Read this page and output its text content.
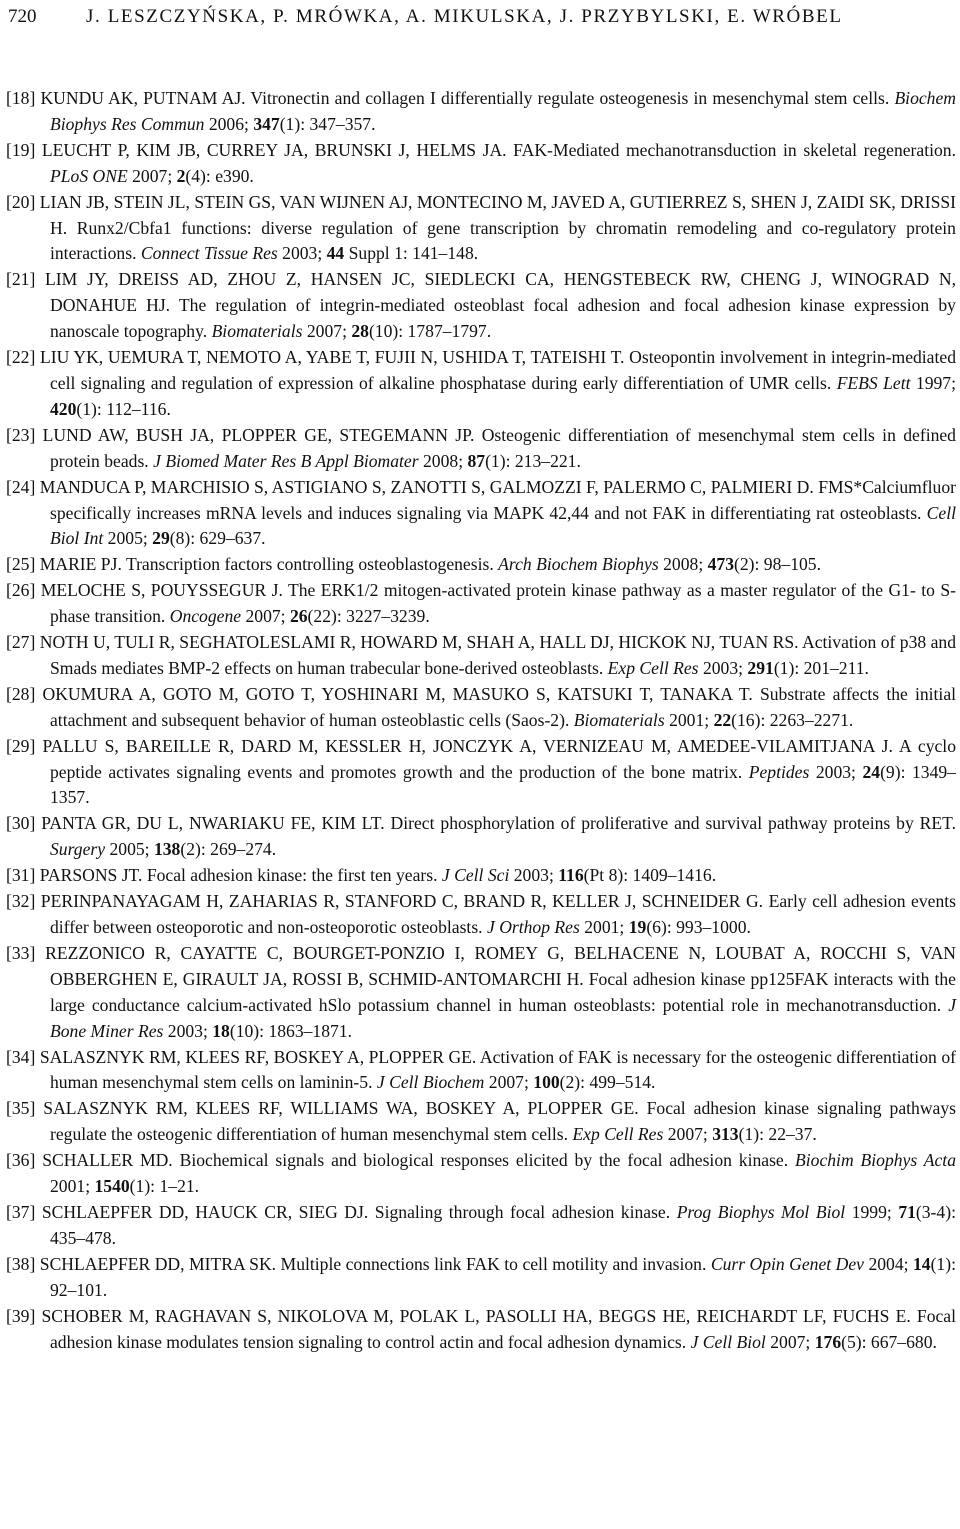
720	J. LESZCZYŃSKA, P. MRÓWKA, A. MIKULSKA, J. PRZYBYLSKI, E. WRÓBEL

[18] KUNDU AK, PUTNAM AJ. Vitronectin and collagen I differentially regulate osteogenesis in mesenchymal stem cells. Biochem Biophys Res Commun 2006; 347(1): 347–357.

[19] LEUCHT P, KIM JB, CURREY JA, BRUNSKI J, HELMS JA. FAK-Mediated mechanotransduction in skeletal regeneration. PLoS ONE 2007; 2(4): e390.

[20] LIAN JB, STEIN JL, STEIN GS, VAN WIJNEN AJ, MONTECINO M, JAVED A, GUTIERREZ S, SHEN J, ZAIDI SK, DRISSI H. Runx2/Cbfa1 functions: diverse regulation of gene transcription by chromatin remodeling and co-regulatory protein interactions. Connect Tissue Res 2003; 44 Suppl 1: 141–148.

[21] LIM JY, DREISS AD, ZHOU Z, HANSEN JC, SIEDLECKI CA, HENGSTEBECK RW, CHENG J, WINOGRAD N, DONAHUE HJ. The regulation of integrin-mediated osteoblast focal adhesion and focal adhesion kinase expression by nanoscale topography. Biomaterials 2007; 28(10): 1787–1797.

[22] LIU YK, UEMURA T, NEMOTO A, YABE T, FUJII N, USHIDA T, TATEISHI T. Osteopontin involvement in integrin-mediated cell signaling and regulation of expression of alkaline phosphatase during early differentiation of UMR cells. FEBS Lett 1997; 420(1): 112–116.

[23] LUND AW, BUSH JA, PLOPPER GE, STEGEMANN JP. Osteogenic differentiation of mesenchymal stem cells in defined protein beads. J Biomed Mater Res B Appl Biomater 2008; 87(1): 213–221.

[24] MANDUCA P, MARCHISIO S, ASTIGIANO S, ZANOTTI S, GALMOZZI F, PALERMO C, PALMIERI D. FMS*Calciumfluor specifically increases mRNA levels and induces signaling via MAPK 42,44 and not FAK in differentiating rat osteoblasts. Cell Biol Int 2005; 29(8): 629–637.

[25] MARIE PJ. Transcription factors controlling osteoblastogenesis. Arch Biochem Biophys 2008; 473(2): 98–105.

[26] MELOCHE S, POUYSSEGUR J. The ERK1/2 mitogen-activated protein kinase pathway as a master regulator of the G1- to S-phase transition. Oncogene 2007; 26(22): 3227–3239.

[27] NOTH U, TULI R, SEGHATOLESLAMI R, HOWARD M, SHAH A, HALL DJ, HICKOK NJ, TUAN RS. Activation of p38 and Smads mediates BMP-2 effects on human trabecular bone-derived osteoblasts. Exp Cell Res 2003; 291(1): 201–211.

[28] OKUMURA A, GOTO M, GOTO T, YOSHINARI M, MASUKO S, KATSUKI T, TANAKA T. Substrate affects the initial attachment and subsequent behavior of human osteoblastic cells (Saos-2). Biomaterials 2001; 22(16): 2263–2271.

[29] PALLU S, BAREILLE R, DARD M, KESSLER H, JONCZYK A, VERNIZEAU M, AMEDEE-VILAMITJANA J. A cyclo peptide activates signaling events and promotes growth and the production of the bone matrix. Peptides 2003; 24(9): 1349–1357.

[30] PANTA GR, DU L, NWARIAKU FE, KIM LT. Direct phosphorylation of proliferative and survival pathway proteins by RET. Surgery 2005; 138(2): 269–274.

[31] PARSONS JT. Focal adhesion kinase: the first ten years. J Cell Sci 2003; 116(Pt 8): 1409–1416.

[32] PERINPANAYAGAM H, ZAHARIAS R, STANFORD C, BRAND R, KELLER J, SCHNEIDER G. Early cell adhesion events differ between osteoporotic and non-osteoporotic osteoblasts. J Orthop Res 2001; 19(6): 993–1000.

[33] REZZONICO R, CAYATTE C, BOURGET-PONZIO I, ROMEY G, BELHACENE N, LOUBAT A, ROCCHI S, VAN OBBERGHEN E, GIRAULT JA, ROSSI B, SCHMID-ANTOMARCHI H. Focal adhesion kinase pp125FAK interacts with the large conductance calcium-activated hSlo potassium channel in human osteoblasts: potential role in mechanotransduction. J Bone Miner Res 2003; 18(10): 1863–1871.

[34] SALASZNYK RM, KLEES RF, BOSKEY A, PLOPPER GE. Activation of FAK is necessary for the osteogenic differentiation of human mesenchymal stem cells on laminin-5. J Cell Biochem 2007; 100(2): 499–514.

[35] SALASZNYK RM, KLEES RF, WILLIAMS WA, BOSKEY A, PLOPPER GE. Focal adhesion kinase signaling pathways regulate the osteogenic differentiation of human mesenchymal stem cells. Exp Cell Res 2007; 313(1): 22–37.

[36] SCHALLER MD. Biochemical signals and biological responses elicited by the focal adhesion kinase. Biochim Biophys Acta 2001; 1540(1): 1–21.

[37] SCHLAEPFER DD, HAUCK CR, SIEG DJ. Signaling through focal adhesion kinase. Prog Biophys Mol Biol 1999; 71(3-4): 435–478.

[38] SCHLAEPFER DD, MITRA SK. Multiple connections link FAK to cell motility and invasion. Curr Opin Genet Dev 2004; 14(1): 92–101.

[39] SCHOBER M, RAGHAVAN S, NIKOLOVA M, POLAK L, PASOLLI HA, BEGGS HE, REICHARDT LF, FUCHS E. Focal adhesion kinase modulates tension signaling to control actin and focal adhesion dynamics. J Cell Biol 2007; 176(5): 667–680.
